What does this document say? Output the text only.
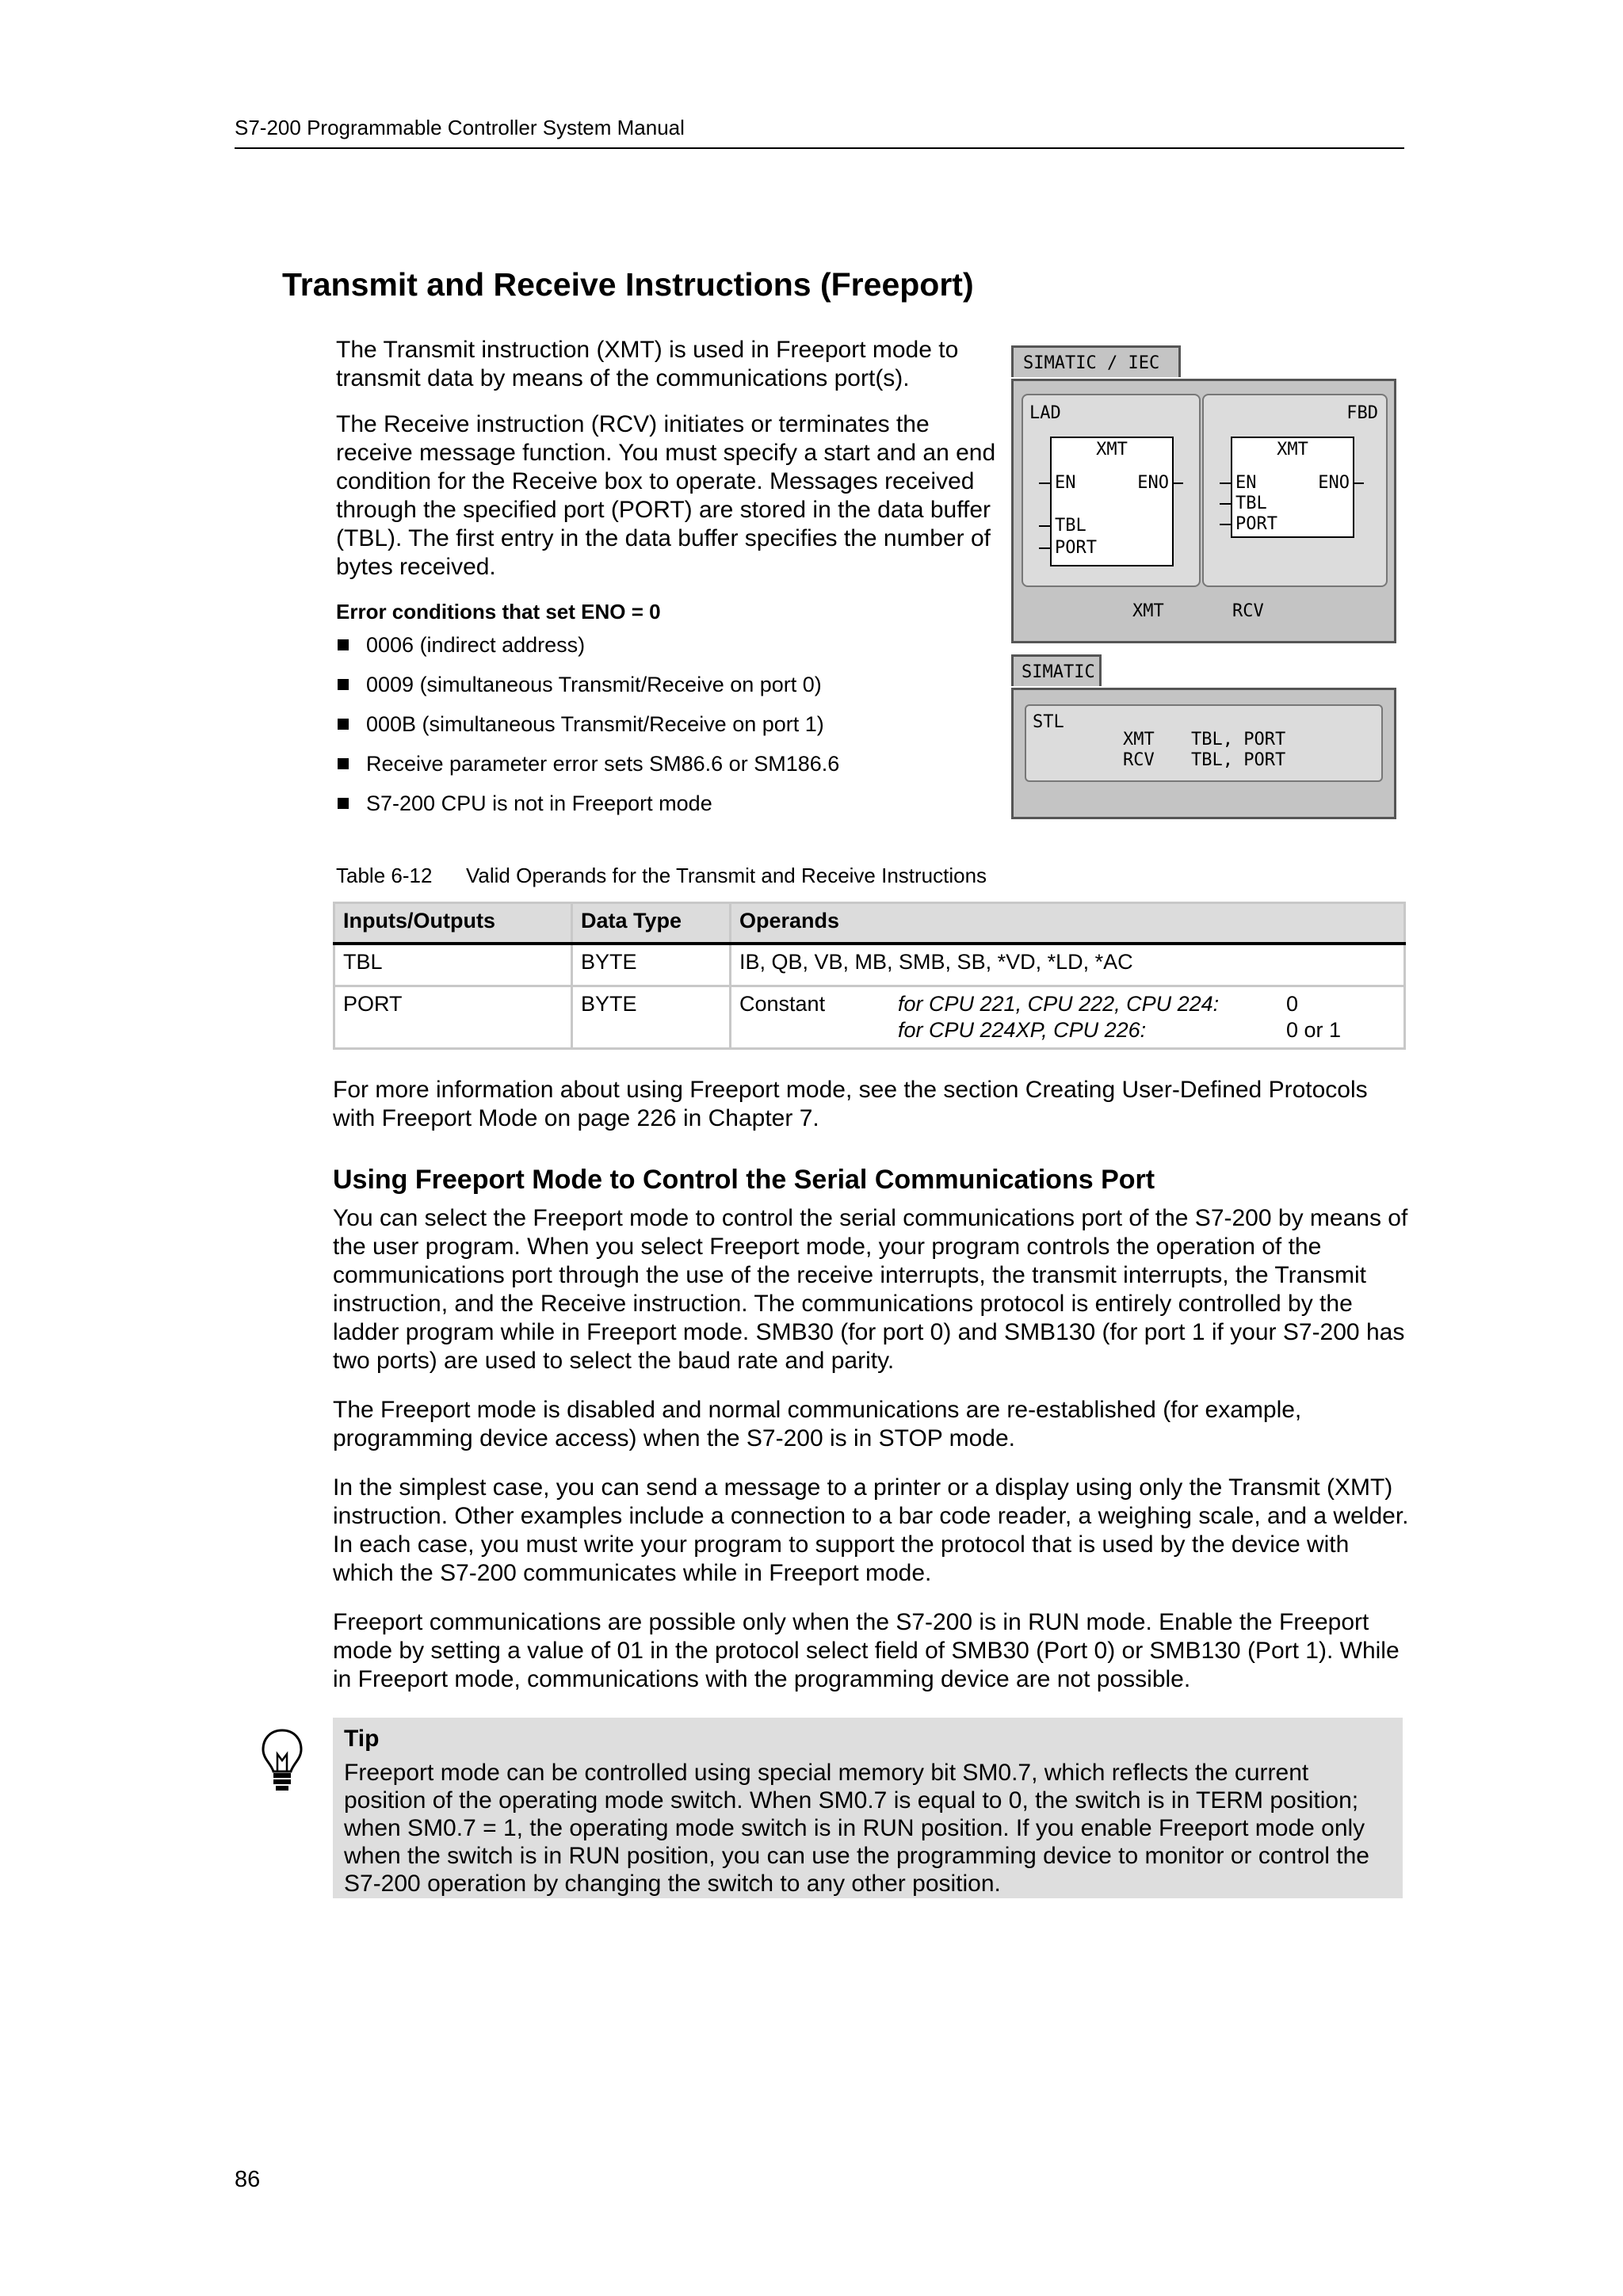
S7-200 Programmable Controller System Manual
Transmit and Receive Instructions (Freeport)

The Transmit instruction (XMT) is used in Freeport mode to transmit data by means of the communications port(s).

The Receive instruction (RCV) initiates or terminates the receive message function. You must specify a start and an end condition for the Receive box to operate. Messages received through the specified port (PORT) are stored in the data buffer (TBL). The first entry in the data buffer specifies the number of bytes received.

Error conditions that set ENO = 0
0006 (indirect address)
0009 (simultaneous Transmit/Receive on port 0)
000B (simultaneous Transmit/Receive on port 1)
Receive parameter error sets SM86.6 or SM186.6
S7-200 CPU is not in Freeport mode
SIMATIC / IEC
LAD
XMT
EN	ENO
TBL
PORT
FBD
XMT
EN	ENO
TBL
PORT
XMT	RCV
SIMATIC
STL
XMT TBL, PORT
RCV TBL, PORT
Table 6-12 Valid Operands for the Transmit and Receive Instructions
Inputs/Outputs	Data Type	Operands
TBL	BYTE	IB, QB, VB, MB, SMB, SB, *VD, *LD, *AC
PORT	BYTE	Constant for CPU 221, CPU 222, CPU 224: 0
for CPU 224XP, CPU 226: 0 or 1

For more information about using Freeport mode, see the section Creating User-Defined Protocols with Freeport Mode on page 226 in Chapter 7.

Using Freeport Mode to Control the Serial Communications Port

You can select the Freeport mode to control the serial communications port of the S7-200 by means of the user program. When you select Freeport mode, your program controls the operation of the communications port through the use of the receive interrupts, the transmit interrupts, the Transmit instruction, and the Receive instruction. The communications protocol is entirely controlled by the ladder program while in Freeport mode. SMB30 (for port 0) and SMB130 (for port 1 if your S7-200 has two ports) are used to select the baud rate and parity.

The Freeport mode is disabled and normal communications are re-established (for example, programming device access) when the S7-200 is in STOP mode.

In the simplest case, you can send a message to a printer or a display using only the Transmit (XMT) instruction. Other examples include a connection to a bar code reader, a weighing scale, and a welder. In each case, you must write your program to support the protocol that is used by the device with which the S7-200 communicates while in Freeport mode.

Freeport communications are possible only when the S7-200 is in RUN mode. Enable the Freeport mode by setting a value of 01 in the protocol select field of SMB30 (Port 0) or SMB130 (Port 1). While in Freeport mode, communications with the programming device are not possible.

Tip

Freeport mode can be controlled using special memory bit SM0.7, which reflects the current position of the operating mode switch. When SM0.7 is equal to 0, the switch is in TERM position; when SM0.7 = 1, the operating mode switch is in RUN position. If you enable Freeport mode only when the switch is in RUN position, you can use the programming device to monitor or control the S7-200 operation by changing the switch to any other position.

86
